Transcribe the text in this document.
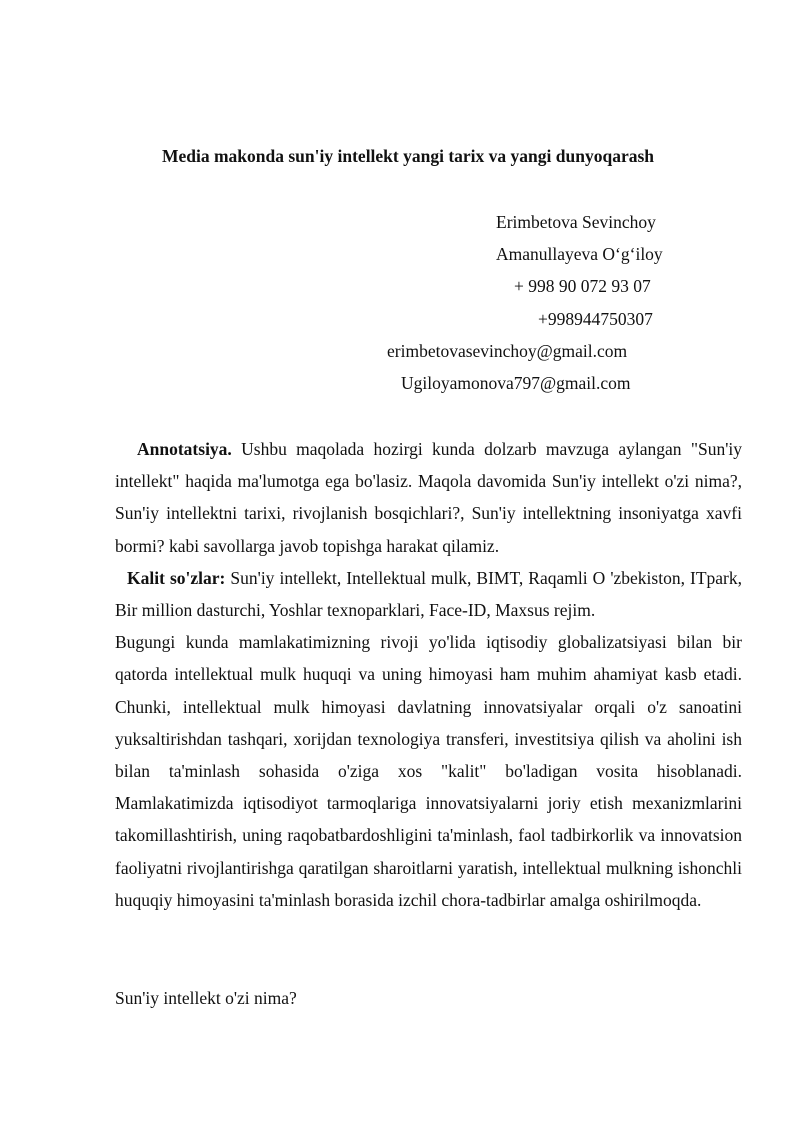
Media makonda sun'iy intellekt yangi tarix va yangi dunyoqarash
Erimbetova Sevinchoy
Amanullayeva O‘g‘iloy
+ 998 90 072 93 07
+998944750307
erimbetovasevinchoy@gmail.com
Ugiloyamonova797@gmail.com

Annotatsiya. Ushbu maqolada hozirgi kunda dolzarb mavzuga aylangan "Sun'iy intellekt" haqida ma'lumotga ega bo'lasiz. Maqola davomida Sun'iy intellekt o'zi nima?, Sun'iy intellektni tarixi, rivojlanish bosqichlari?, Sun'iy intellektning insoniyatga xavfi bormi? kabi savollarga javob topishga harakat qilamiz.

Kalit so'zlar: Sun'iy intellekt, Intellektual mulk, BIMT, Raqamli O 'zbekiston, ITpark, Bir million dasturchi, Yoshlar texnoparklari, Face-ID, Maxsus rejim.

Bugungi kunda mamlakatimizning rivoji yo'lida iqtisodiy globalizatsiyasi bilan bir qatorda intellektual mulk huquqi va uning himoyasi ham muhim ahamiyat kasb etadi. Chunki, intellektual mulk himoyasi davlatning innovatsiyalar orqali o'z sanoatini yuksaltirishdan tashqari, xorijdan texnologiya transferi, investitsiya qilish va aholini ish bilan ta'minlash sohasida o'ziga xos "kalit" bo'ladigan vosita hisoblanadi. Mamlakatimizda iqtisodiyot tarmoqlariga innovatsiyalarni joriy etish mexanizmlarini takomillashtirish, uning raqobatbardoshligini ta'minlash, faol tadbirkorlik va innovatsion faoliyatni rivojlantirishga qaratilgan sharoitlarni yaratish, intellektual mulkning ishonchli huquqiy himoyasini ta'minlash borasida izchil chora-tadbirlar amalga oshirilmoqda.

Sun'iy intellekt o'zi nima?
